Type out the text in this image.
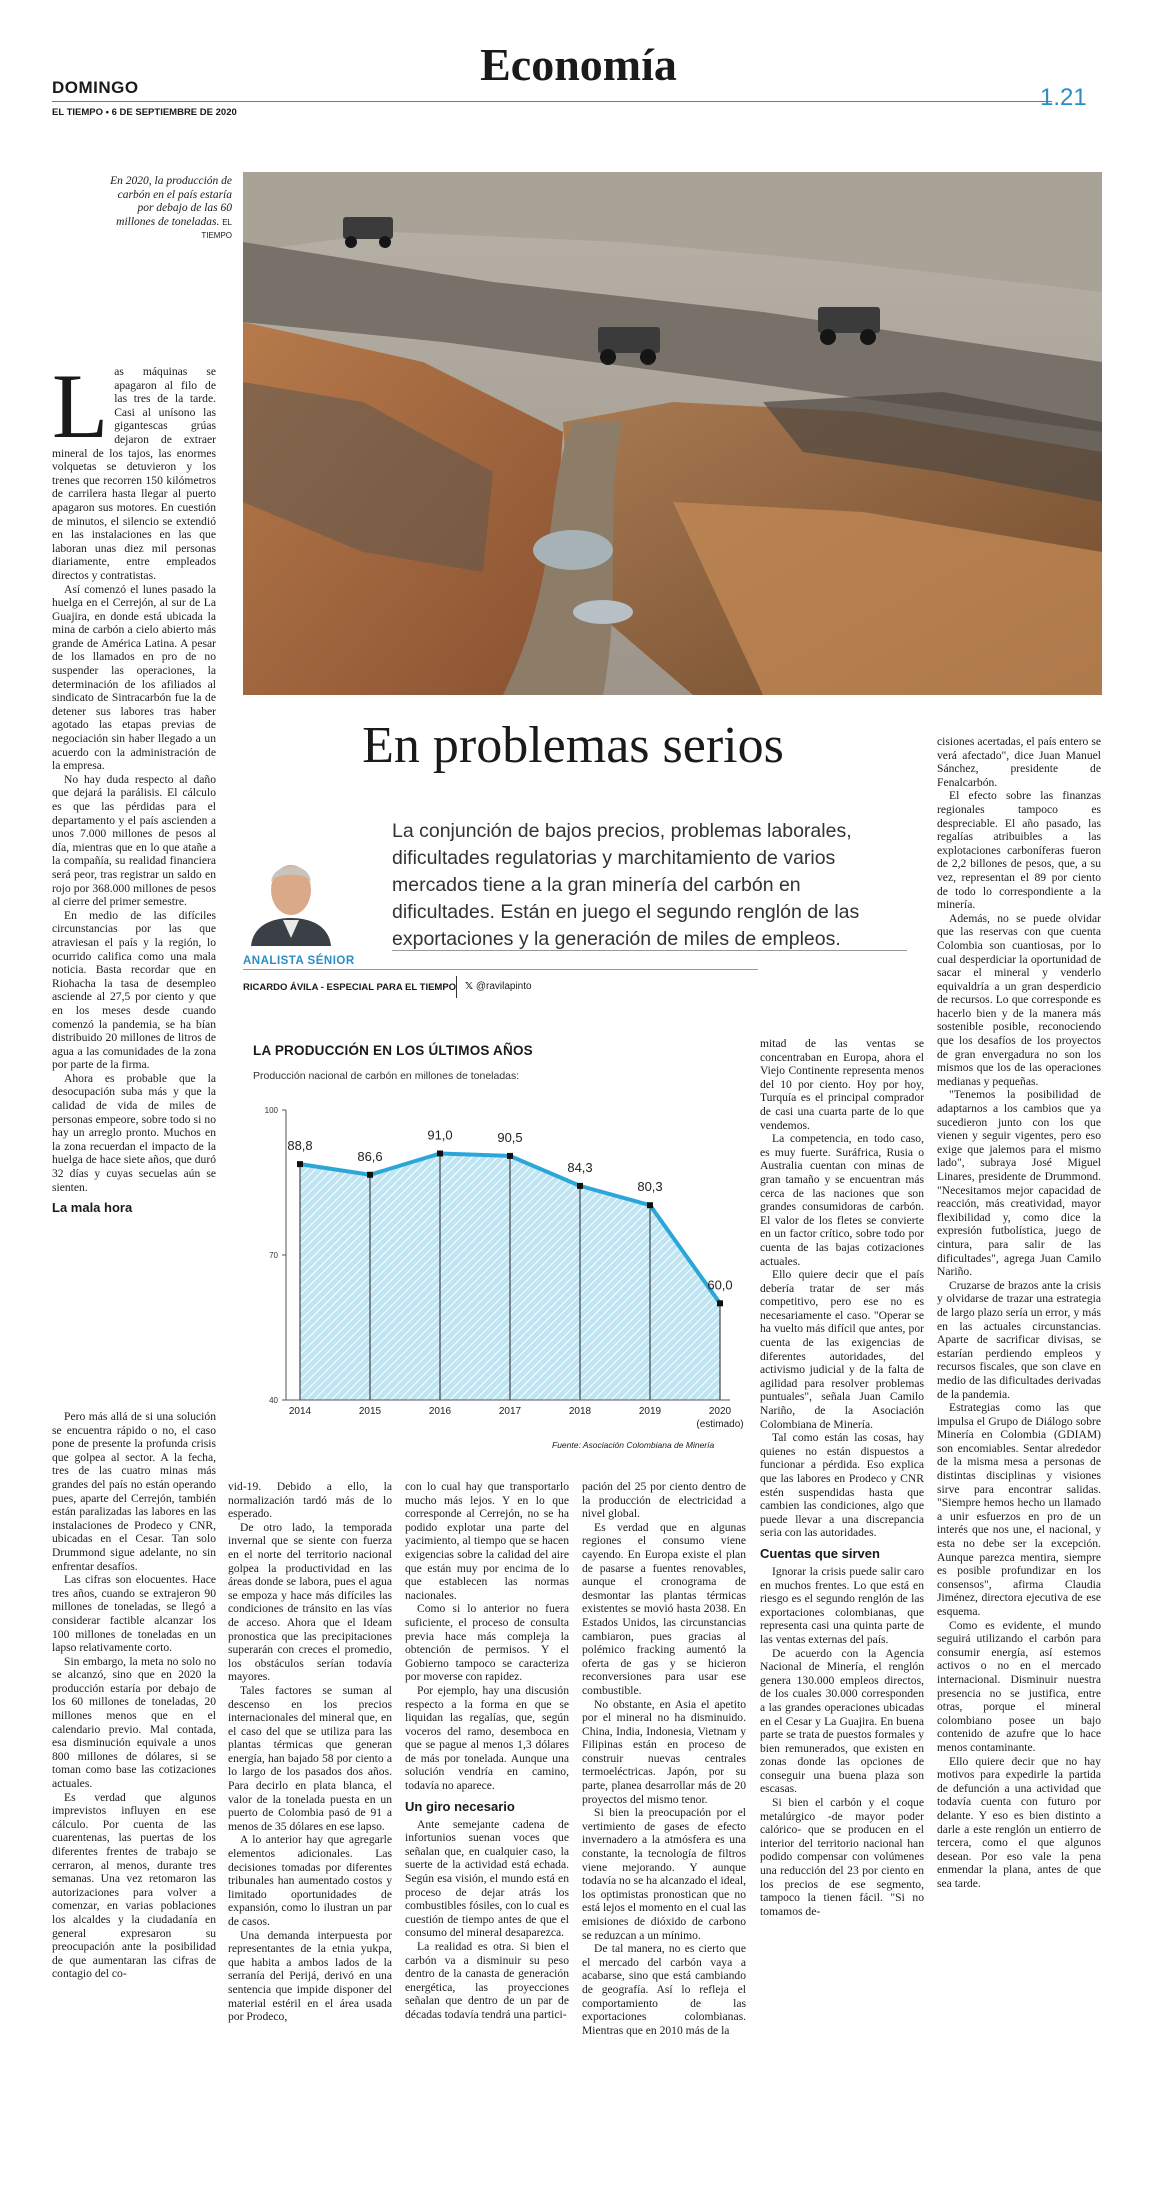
Economía
DOMINGO
EL TIEMPO • 6 DE SEPTIEMBRE DE 2020
1.21
En 2020, la producción de carbón en el país estaría por debajo de las 60 millones de toneladas. EL TIEMPO
L as máquinas se apagaron al filo de las tres de la tarde. Casi al unísono las gigantescas grúas dejaron de extraer mineral de los tajos, las enormes volquetas se detuvieron y los trenes que recorren 150 kilómetros de carrilera hasta llegar al puerto apagaron sus motores. En cuestión de minutos, el silencio se extendió en las instalaciones en las que laboran unas diez mil personas diariamente, entre empleados directos y contratistas.

Así comenzó el lunes pasado la huelga en el Cerrejón, al sur de La Guajira, en donde está ubicada la mina de carbón a cielo abierto más grande de América Latina. A pesar de los llamados en pro de no suspender las operaciones, la determinación de los afiliados al sindicato de Sintracarbón fue la de detener sus labores tras haber agotado las etapas previas de negociación sin haber llegado a un acuerdo con la administración de la empresa.

No hay duda respecto al daño que dejará la parálisis. El cálculo es que las pérdidas para el departamento y el país ascienden a unos 7.000 millones de pesos al día, mientras que en lo que atañe a la compañía, su realidad financiera será peor, tras registrar un saldo en rojo por 368.000 millones de pesos al cierre del primer semestre.

En medio de las difíciles circunstancias por las que atraviesan el país y la región, lo ocurrido califica como una mala noticia. Basta recordar que en Riohacha la tasa de desempleo asciende al 27,5 por ciento y que en los meses desde cuando comenzó la pandemia, se ha bían distribuido 20 millones de litros de agua a las comunidades de la zona por parte de la firma.

Ahora es probable que la desocupación suba más y que la calidad de vida de miles de personas empeore, sobre todo si no hay un arreglo pronto. Muchos en la zona recuerdan el impacto de la huelga de hace siete años, que duró 32 días y cuyas secuelas aún se sienten.

La mala hora
En problemas serios
ANALISTA SÉNIOR
La conjunción de bajos precios, problemas laborales, dificultades regulatorias y marchitamiento de varios mercados tiene a la gran minería del carbón en dificultades. Están en juego el segundo renglón de las exportaciones y la generación de miles de empleos.
RICARDO ÁVILA - ESPECIAL PARA EL TIEMPO 𝕏 @ravilapinto
LA PRODUCCIÓN EN LOS ÚLTIMOS AÑOS
Producción nacional de carbón en millones de toneladas:
100
70
40
88,8
86,6
91,0	90,5
84,3
80,3
60,0
2014	2015	2016	2017	2018	2019	2020
(estimado)
Fuente: Asociación Colombiana de Minería

Pero más allá de si una solución se encuentra rápido o no, el caso pone de presente la profunda crisis que golpea al sector. A la fecha, tres de las cuatro minas más grandes del país no están operando pues, aparte del Cerrejón, también están paralizadas las labores en las instalaciones de Prodeco y CNR, ubicadas en el Cesar. Tan solo Drummond sigue adelante, no sin enfrentar desafíos.

Las cifras son elocuentes. Hace tres años, cuando se extrajeron 90 millones de toneladas, se llegó a considerar factible alcanzar los 100 millones de toneladas en un lapso relativamente corto.

Sin embargo, la meta no solo no se alcanzó, sino que en 2020 la producción estaría por debajo de los 60 millones de toneladas, 20 millones menos que en el calendario previo. Mal contada, esa disminución equivale a unos 800 millones de dólares, si se toman como base las cotizaciones actuales.

Es verdad que algunos imprevistos influyen en ese cálculo. Por cuenta de las cuarentenas, las puertas de los diferentes frentes de trabajo se cerraron, al menos, durante tres semanas. Una vez retomaron las autorizaciones para volver a comenzar, en varias poblaciones los alcaldes y la ciudadanía en general expresaron su preocupación ante la posibilidad de que aumentaran las cifras de contagio del co-

vid-19. Debido a ello, la normalización tardó más de lo esperado.

De otro lado, la temporada invernal que se siente con fuerza en el norte del territorio nacional golpea la productividad en las áreas donde se labora, pues el agua se empoza y hace más difíciles las condiciones de tránsito en las vías de acceso. Ahora que el Ideam pronostica que las precipitaciones superarán con creces el promedio, los obstáculos serían todavía mayores.

Tales factores se suman al descenso en los precios internacionales del mineral que, en el caso del que se utiliza para las plantas térmicas que generan energía, han bajado 58 por ciento a lo largo de los pasados dos años. Para decirlo en plata blanca, el valor de la tonelada puesta en un puerto de Colombia pasó de 91 a menos de 35 dólares en ese lapso.

A lo anterior hay que agregarle elementos adicionales. Las decisiones tomadas por diferentes tribunales han aumentado costos y limitado oportunidades de expansión, como lo ilustran un par de casos.

Una demanda interpuesta por representantes de la etnia yukpa, que habita a ambos lados de la serranía del Perijá, derivó en una sentencia que impide disponer del material estéril en el área usada por Prodeco,

con lo cual hay que transportarlo mucho más lejos. Y en lo que corresponde al Cerrejón, no se ha podido explotar una parte del yacimiento, al tiempo que se hacen exigencias sobre la calidad del aire que están muy por encima de lo que establecen las normas nacionales.

Como si lo anterior no fuera suficiente, el proceso de consulta previa hace más compleja la obtención de permisos. Y el Gobierno tampoco se caracteriza por moverse con rapidez.

Por ejemplo, hay una discusión respecto a la forma en que se liquidan las regalías, que, según voceros del ramo, desemboca en que se pague al menos 1,3 dólares de más por tonelada. Aunque una solución vendría en camino, todavía no aparece.

Un giro necesario

Ante semejante cadena de infortunios suenan voces que señalan que, en cualquier caso, la suerte de la actividad está echada. Según esa visión, el mundo está en proceso de dejar atrás los combustibles fósiles, con lo cual es cuestión de tiempo antes de que el consumo del mineral desaparezca.

La realidad es otra. Si bien el carbón va a disminuir su peso dentro de la canasta de generación energética, las proyecciones señalan que dentro de un par de décadas todavía tendrá una partici-

pación del 25 por ciento dentro de la producción de electricidad a nivel global.

Es verdad que en algunas regiones el consumo viene cayendo. En Europa existe el plan de pasarse a fuentes renovables, aunque el cronograma de desmontar las plantas térmicas existentes se movió hasta 2038. En Estados Unidos, las circunstancias cambiaron, pues gracias al polémico fracking aumentó la oferta de gas y se hicieron reconversiones para usar ese combustible.

No obstante, en Asia el apetito por el mineral no ha disminuido. China, India, Indonesia, Vietnam y Filipinas están en proceso de construir nuevas centrales termoeléctricas. Japón, por su parte, planea desarrollar más de 20 proyectos del mismo tenor.

Si bien la preocupación por el vertimiento de gases de efecto invernadero a la atmósfera es una constante, la tecnología de filtros viene mejorando. Y aunque todavía no se ha alcanzado el ideal, los optimistas pronostican que no está lejos el momento en el cual las emisiones de dióxido de carbono se reduzcan a un mínimo.

De tal manera, no es cierto que el mercado del carbón vaya a acabarse, sino que está cambiando de geografía. Así lo refleja el comportamiento de las exportaciones colombianas. Mientras que en 2010 más de la

mitad de las ventas se concentraban en Europa, ahora el Viejo Continente representa menos del 10 por ciento. Hoy por hoy, Turquía es el principal comprador de casi una cuarta parte de lo que vendemos.

La competencia, en todo caso, es muy fuerte. Suráfrica, Rusia o Australia cuentan con minas de gran tamaño y se encuentran más cerca de las naciones que son grandes consumidoras de carbón. El valor de los fletes se convierte en un factor crítico, sobre todo por cuenta de las bajas cotizaciones actuales.

Ello quiere decir que el país debería tratar de ser más competitivo, pero ese no es necesariamente el caso. "Operar se ha vuelto más difícil que antes, por cuenta de las exigencias de diferentes autoridades, del activismo judicial y de la falta de agilidad para resolver problemas puntuales", señala Juan Camilo Nariño, de la Asociación Colombiana de Minería.

Tal como están las cosas, hay quienes no están dispuestos a funcionar a pérdida. Eso explica que las labores en Prodeco y CNR estén suspendidas hasta que cambien las condiciones, algo que puede llevar a una discrepancia seria con las autoridades.

Cuentas que sirven

Ignorar la crisis puede salir caro en muchos frentes. Lo que está en riesgo es el segundo renglón de las exportaciones colombianas, que representa casi una quinta parte de las ventas externas del país.

De acuerdo con la Agencia Nacional de Minería, el renglón genera 130.000 empleos directos, de los cuales 30.000 corresponden a las grandes operaciones ubicadas en el Cesar y La Guajira. En buena parte se trata de puestos formales y bien remunerados, que existen en zonas donde las opciones de conseguir una buena plaza son escasas.

Si bien el carbón y el coque metalúrgico -de mayor poder calórico- que se producen en el interior del territorio nacional han podido compensar con volúmenes una reducción del 23 por ciento en los precios de ese segmento, tampoco la tienen fácil. "Si no tomamos de-

cisiones acertadas, el país entero se verá afectado", dice Juan Manuel Sánchez, presidente de Fenalcarbón.

El efecto sobre las finanzas regionales tampoco es despreciable. El año pasado, las regalías atribuibles a las explotaciones carboníferas fueron de 2,2 billones de pesos, que, a su vez, representan el 89 por ciento de todo lo correspondiente a la minería.

Además, no se puede olvidar que las reservas con que cuenta Colombia son cuantiosas, por lo cual desperdiciar la oportunidad de sacar el mineral y venderlo equivaldría a un gran desperdicio de recursos. Lo que corresponde es hacerlo bien y de la manera más sostenible posible, reconociendo que los desafíos de los proyectos de gran envergadura no son los mismos que los de las operaciones medianas y pequeñas.

"Tenemos la posibilidad de adaptarnos a los cambios que ya sucedieron junto con los que vienen y seguir vigentes, pero eso exige que jalemos para el mismo lado", subraya José Miguel Linares, presidente de Drummond. "Necesitamos mejor capacidad de reacción, más creatividad, mayor flexibilidad y, como dice la expresión futbolística, juego de cintura, para salir de las dificultades", agrega Juan Camilo Nariño.

Cruzarse de brazos ante la crisis y olvidarse de trazar una estrategia de largo plazo sería un error, y más en las actuales circunstancias. Aparte de sacrificar divisas, se estarían perdiendo empleos y recursos fiscales, que son clave en medio de las dificultades derivadas de la pandemia.

Estrategias como las que impulsa el Grupo de Diálogo sobre Minería en Colombia (GDIAM) son encomiables. Sentar alrededor de la misma mesa a personas de distintas disciplinas y visiones sirve para encontrar salidas. "Siempre hemos hecho un llamado a unir esfuerzos en pro de un interés que nos une, el nacional, y esta no debe ser la excepción. Aunque parezca mentira, siempre es posible profundizar en los consensos", afirma Claudia Jiménez, directora ejecutiva de ese esquema.

Como es evidente, el mundo seguirá utilizando el carbón para consumir energía, así estemos activos o no en el mercado internacional. Disminuir nuestra presencia no se justifica, entre otras, porque el mineral colombiano posee un bajo contenido de azufre que lo hace menos contaminante.

Ello quiere decir que no hay motivos para expedirle la partida de defunción a una actividad que todavía cuenta con futuro por delante. Y eso es bien distinto a darle a este renglón un entierro de tercera, como el que algunos desean. Por eso vale la pena enmendar la plana, antes de que sea tarde.
